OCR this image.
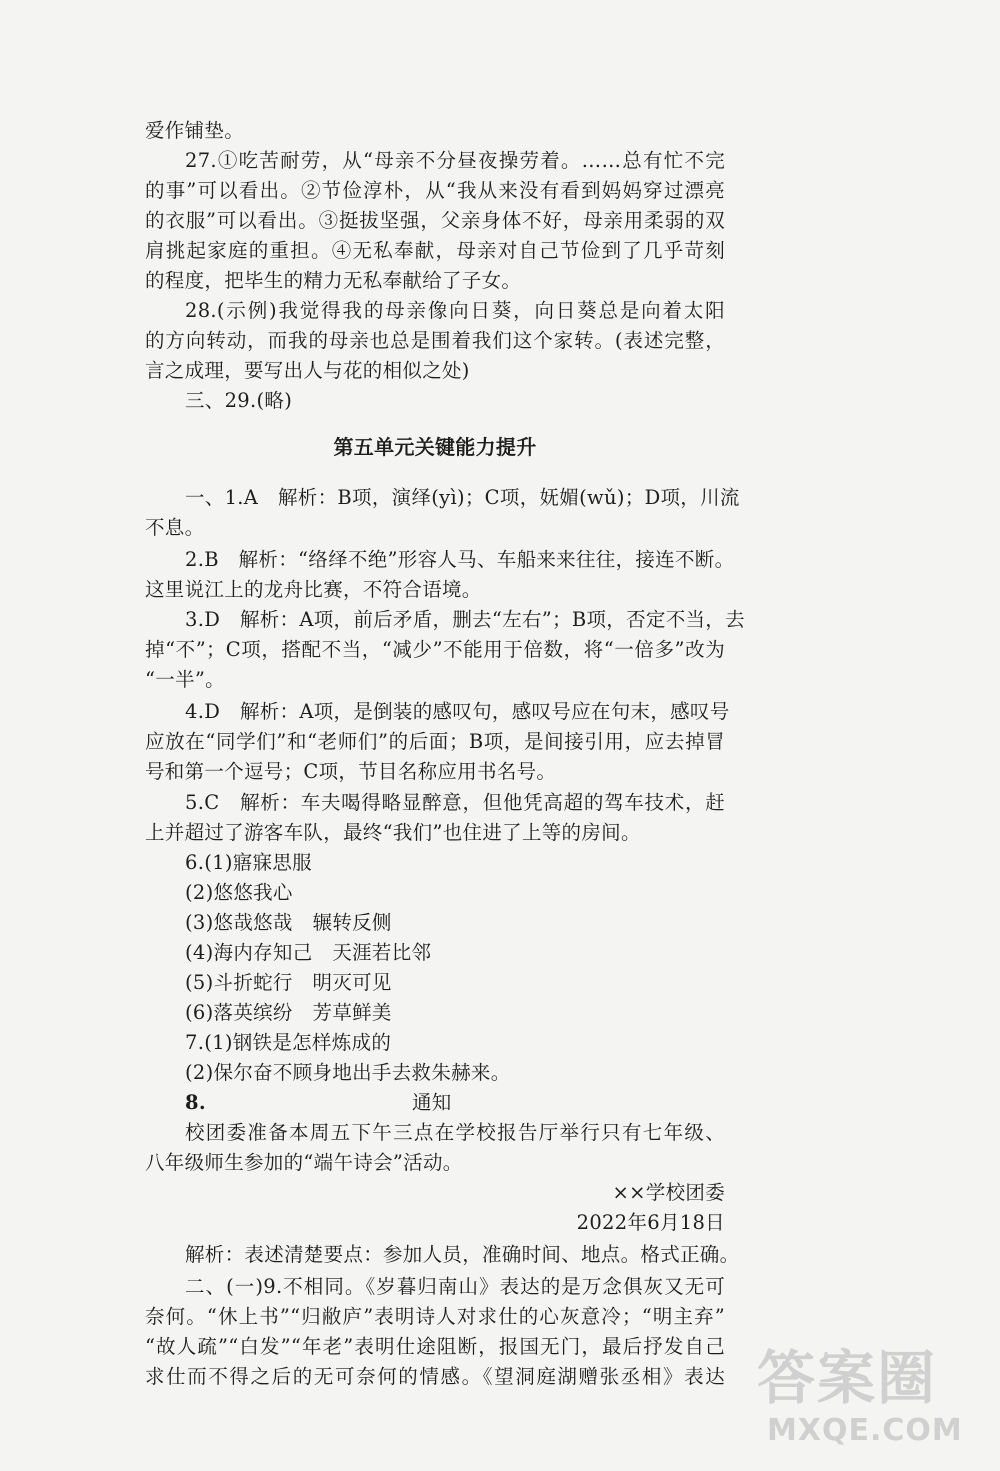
爱作铺垫。
27.①吃苦耐劳，从“母亲不分昼夜操劳着。……总有忙不完
的事”可以看出。②节俭淳朴，从“我从来没有看到妈妈穿过漂亮
的衣服”可以看出。③挺拔坚强，父亲身体不好，母亲用柔弱的双
肩挑起家庭的重担。④无私奉献，母亲对自己节俭到了几乎苛刻
的程度，把毕生的精力无私奉献给了子女。
28.(示例)我觉得我的母亲像向日葵，向日葵总是向着太阳
的方向转动，而我的母亲也总是围着我们这个家转。(表述完整，
言之成理，要写出人与花的相似之处)
三、29.(略)
第五单元关键能力提升
一、1.A　解析：B项，演绎(yì)；C项，妩媚(wǔ)；D项，川流
不息。
2.B　解析：“络绎不绝”形容人马、车船来来往往，接连不断。
这里说江上的龙舟比赛，不符合语境。
3.D　解析：A项，前后矛盾，删去“左右”；B项，否定不当，去
掉“不”；C项，搭配不当，“减少”不能用于倍数，将“一倍多”改为
“一半”。
4.D　解析：A项，是倒装的感叹句，感叹号应在句末，感叹号
应放在“同学们”和“老师们”的后面；B项，是间接引用，应去掉冒
号和第一个逗号；C项，节目名称应用书名号。
5.C　解析：车夫喝得略显醉意，但他凭高超的驾车技术，赶
上并超过了游客车队，最终“我们”也住进了上等的房间。
6.(1)寤寐思服
(2)悠悠我心
(3)悠哉悠哉　辗转反侧
(4)海内存知己　天涯若比邻
(5)斗折蛇行　明灭可见
(6)落英缤纷　芳草鲜美
7.(1)钢铁是怎样炼成的
(2)保尔奋不顾身地出手去救朱赫来。
8.	通知
校团委准备本周五下午三点在学校报告厅举行只有七年级、
八年级师生参加的“端午诗会”活动。
××学校团委
2022年6月18日
解析：表述清楚要点：参加人员，准确时间、地点。格式正确。
二、(一)9.不相同。《岁暮归南山》表达的是万念俱灰又无可
奈何。“休上书”“归敝庐”表明诗人对求仕的心灰意冷；“明主弃”
“故人疏”“白发”“年老”表明仕途阻断，报国无门，最后抒发自己
求仕而不得之后的无可奈何的情感。《望洞庭湖赠张丞相》表达 答案圈
MXQE.COM
